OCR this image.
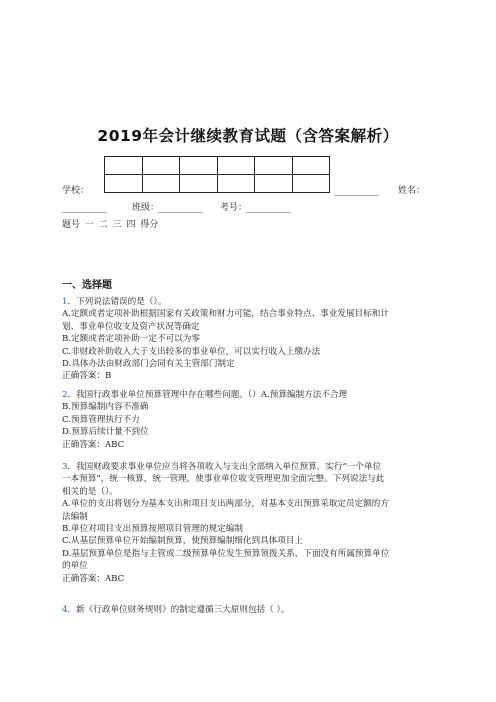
2019年会计继续教育试题（含答案解析）

学校：	__________ 姓名：
__________	班级：
__________ 考号：
__________
题号 一 二 三 四 得分
一、选择题
1．下列说法错误的是（）。
A.定额或者定项补助根据国家有关政策和财力可能，结合事业特点、事业发展目标和计
划、事业单位收支及资产状况等确定
B.定额或者定项补助一定不可以为零
C.非财政补助收入大于支出较多的事业单位，可以实行收入上缴办法
D.具体办法由财政部门会同有关主管部门制定
正确答案：B
2．我国行政事业单位预算管理中存在哪些问题。（）A.预算编制方法不合理
B.预算编制内容不准确
C.预算管理执行不力
D.预算后续计量不到位
正确答案：ABC
3．我国财政要求事业单位应当将各项收入与支出全部纳入单位预算，实行“一个单位
一本预算”，统一核算，统一管理，使事业单位收支管理更加全面完整。下列说法与此
相关的是（）。
A.单位的支出将划分为基本支出和项目支出两部分，对基本支出预算采取定员定额的方
法编制
B.单位对项目支出预算按照项目管理的规定编制
C.从基层预算单位开始编制预算，使预算编制细化到具体项目上
D.基层预算单位是指与主管或二级预算单位发生预算领拨关系，下面没有所属预算单位
的单位
正确答案：ABC
4．新《行政单位财务规则》的制定遵循三大原则包括（ ）。
